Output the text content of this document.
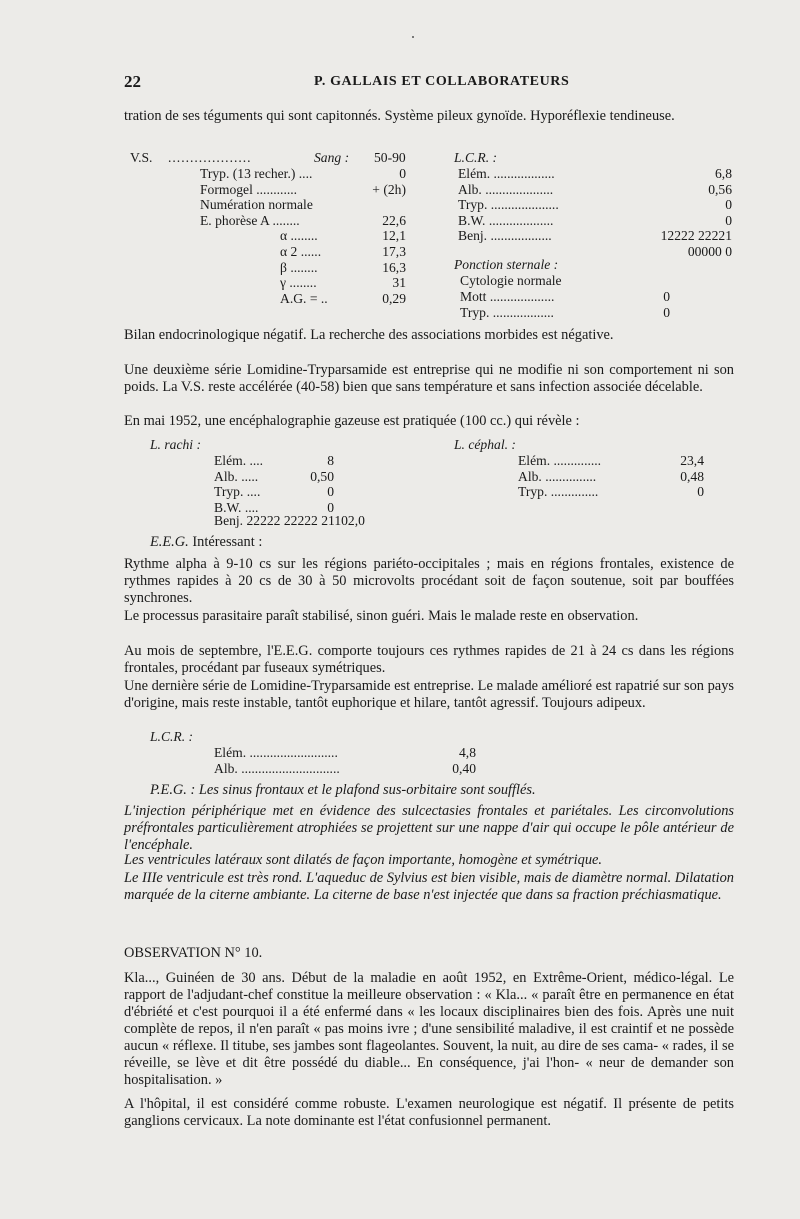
22	P. GALLAIS ET COLLABORATEURS
tration de ses téguments qui sont capitonnés. Système pileux gynoïde. Hyporéflexie tendineuse.
V.S. ...................	Sang : 50-90
Tryp. (13 recher.) ....	0
Formogel ............	+ (2h)
Numération normale
E. phorèse A ........	22,6
α ........	12,1
α 2 ......	17,3
β ........	16,3
γ ........	31
A.G. = ..	0,29
L.C.R. :
Elém. ..................	6,8
Alb. ....................	0,56
Tryp. ....................	0
B.W. ...................	0
Benj. ..................	12222 22221
00000 0
Ponction sternale :
Cytologie normale
Mott ...................	0
Tryp. ..................	0
Bilan endocrinologique négatif. La recherche des associations morbides est négative.
Une deuxième série Lomidine-Tryparsamide est entreprise qui ne modifie ni son comportement ni son poids. La V.S. reste accélérée (40-58) bien que sans température et sans infection associée décelable.
En mai 1952, une encéphalographie gazeuse est pratiquée (100 cc.) qui révèle :
L. rachi :
Elém. ....	8
Alb. .....	0,50
Tryp. ....	0
B.W. ....	0
Benj. 22222 22222 21102,0
L. céphal. :
Elém. ..............	23,4
Alb. ...............	0,48
Tryp. ..............	0
E.E.G. Intéressant :
Rythme alpha à 9-10 cs sur les régions pariéto-occipitales ; mais en régions frontales, existence de rythmes rapides à 20 cs de 30 à 50 microvolts procédant soit de façon soutenue, soit par bouffées synchrones.
Le processus parasitaire paraît stabilisé, sinon guéri. Mais le malade reste en observation.
Au mois de septembre, l'E.E.G. comporte toujours ces rythmes rapides de 21 à 24 cs dans les régions frontales, procédant par fuseaux symétriques.
Une dernière série de Lomidine-Tryparsamide est entreprise. Le malade amélioré est rapatrié sur son pays d'origine, mais reste instable, tantôt euphorique et hilare, tantôt agressif. Toujours adipeux.
L.C.R. :
Elém. ..........................	4,8
Alb. .............................	0,40
P.E.G. : Les sinus frontaux et le plafond sus-orbitaire sont soufflés.
L'injection périphérique met en évidence des sulcectasies frontales et pariétales. Les circonvolutions préfrontales particulièrement atrophiées se projettent sur une nappe d'air qui occupe le pôle antérieur de l'encéphale.
Les ventricules latéraux sont dilatés de façon importante, homogène et symétrique.
Le IIIe ventricule est très rond. L'aqueduc de Sylvius est bien visible, mais de diamètre normal. Dilatation marquée de la citerne ambiante. La citerne de base n'est injectée que dans sa fraction préchiasmatique.
OBSERVATION N° 10.
Kla..., Guinéen de 30 ans. Début de la maladie en août 1952, en Extrême-Orient, médico-légal. Le rapport de l'adjudant-chef constitue la meilleure observation : « Kla... « paraît être en permanence en état d'ébriété et c'est pourquoi il a été enfermé dans « les locaux disciplinaires bien des fois. Après une nuit complète de repos, il n'en paraît « pas moins ivre ; d'une sensibilité maladive, il est craintif et ne possède aucun « réflexe. Il titube, ses jambes sont flageolantes. Souvent, la nuit, au dire de ses cama- « rades, il se réveille, se lève et dit être possédé du diable... En conséquence, j'ai l'hon- « neur de demander son hospitalisation. »
A l'hôpital, il est considéré comme robuste. L'examen neurologique est négatif. Il présente de petits ganglions cervicaux. La note dominante est l'état confusionnel permanent.
